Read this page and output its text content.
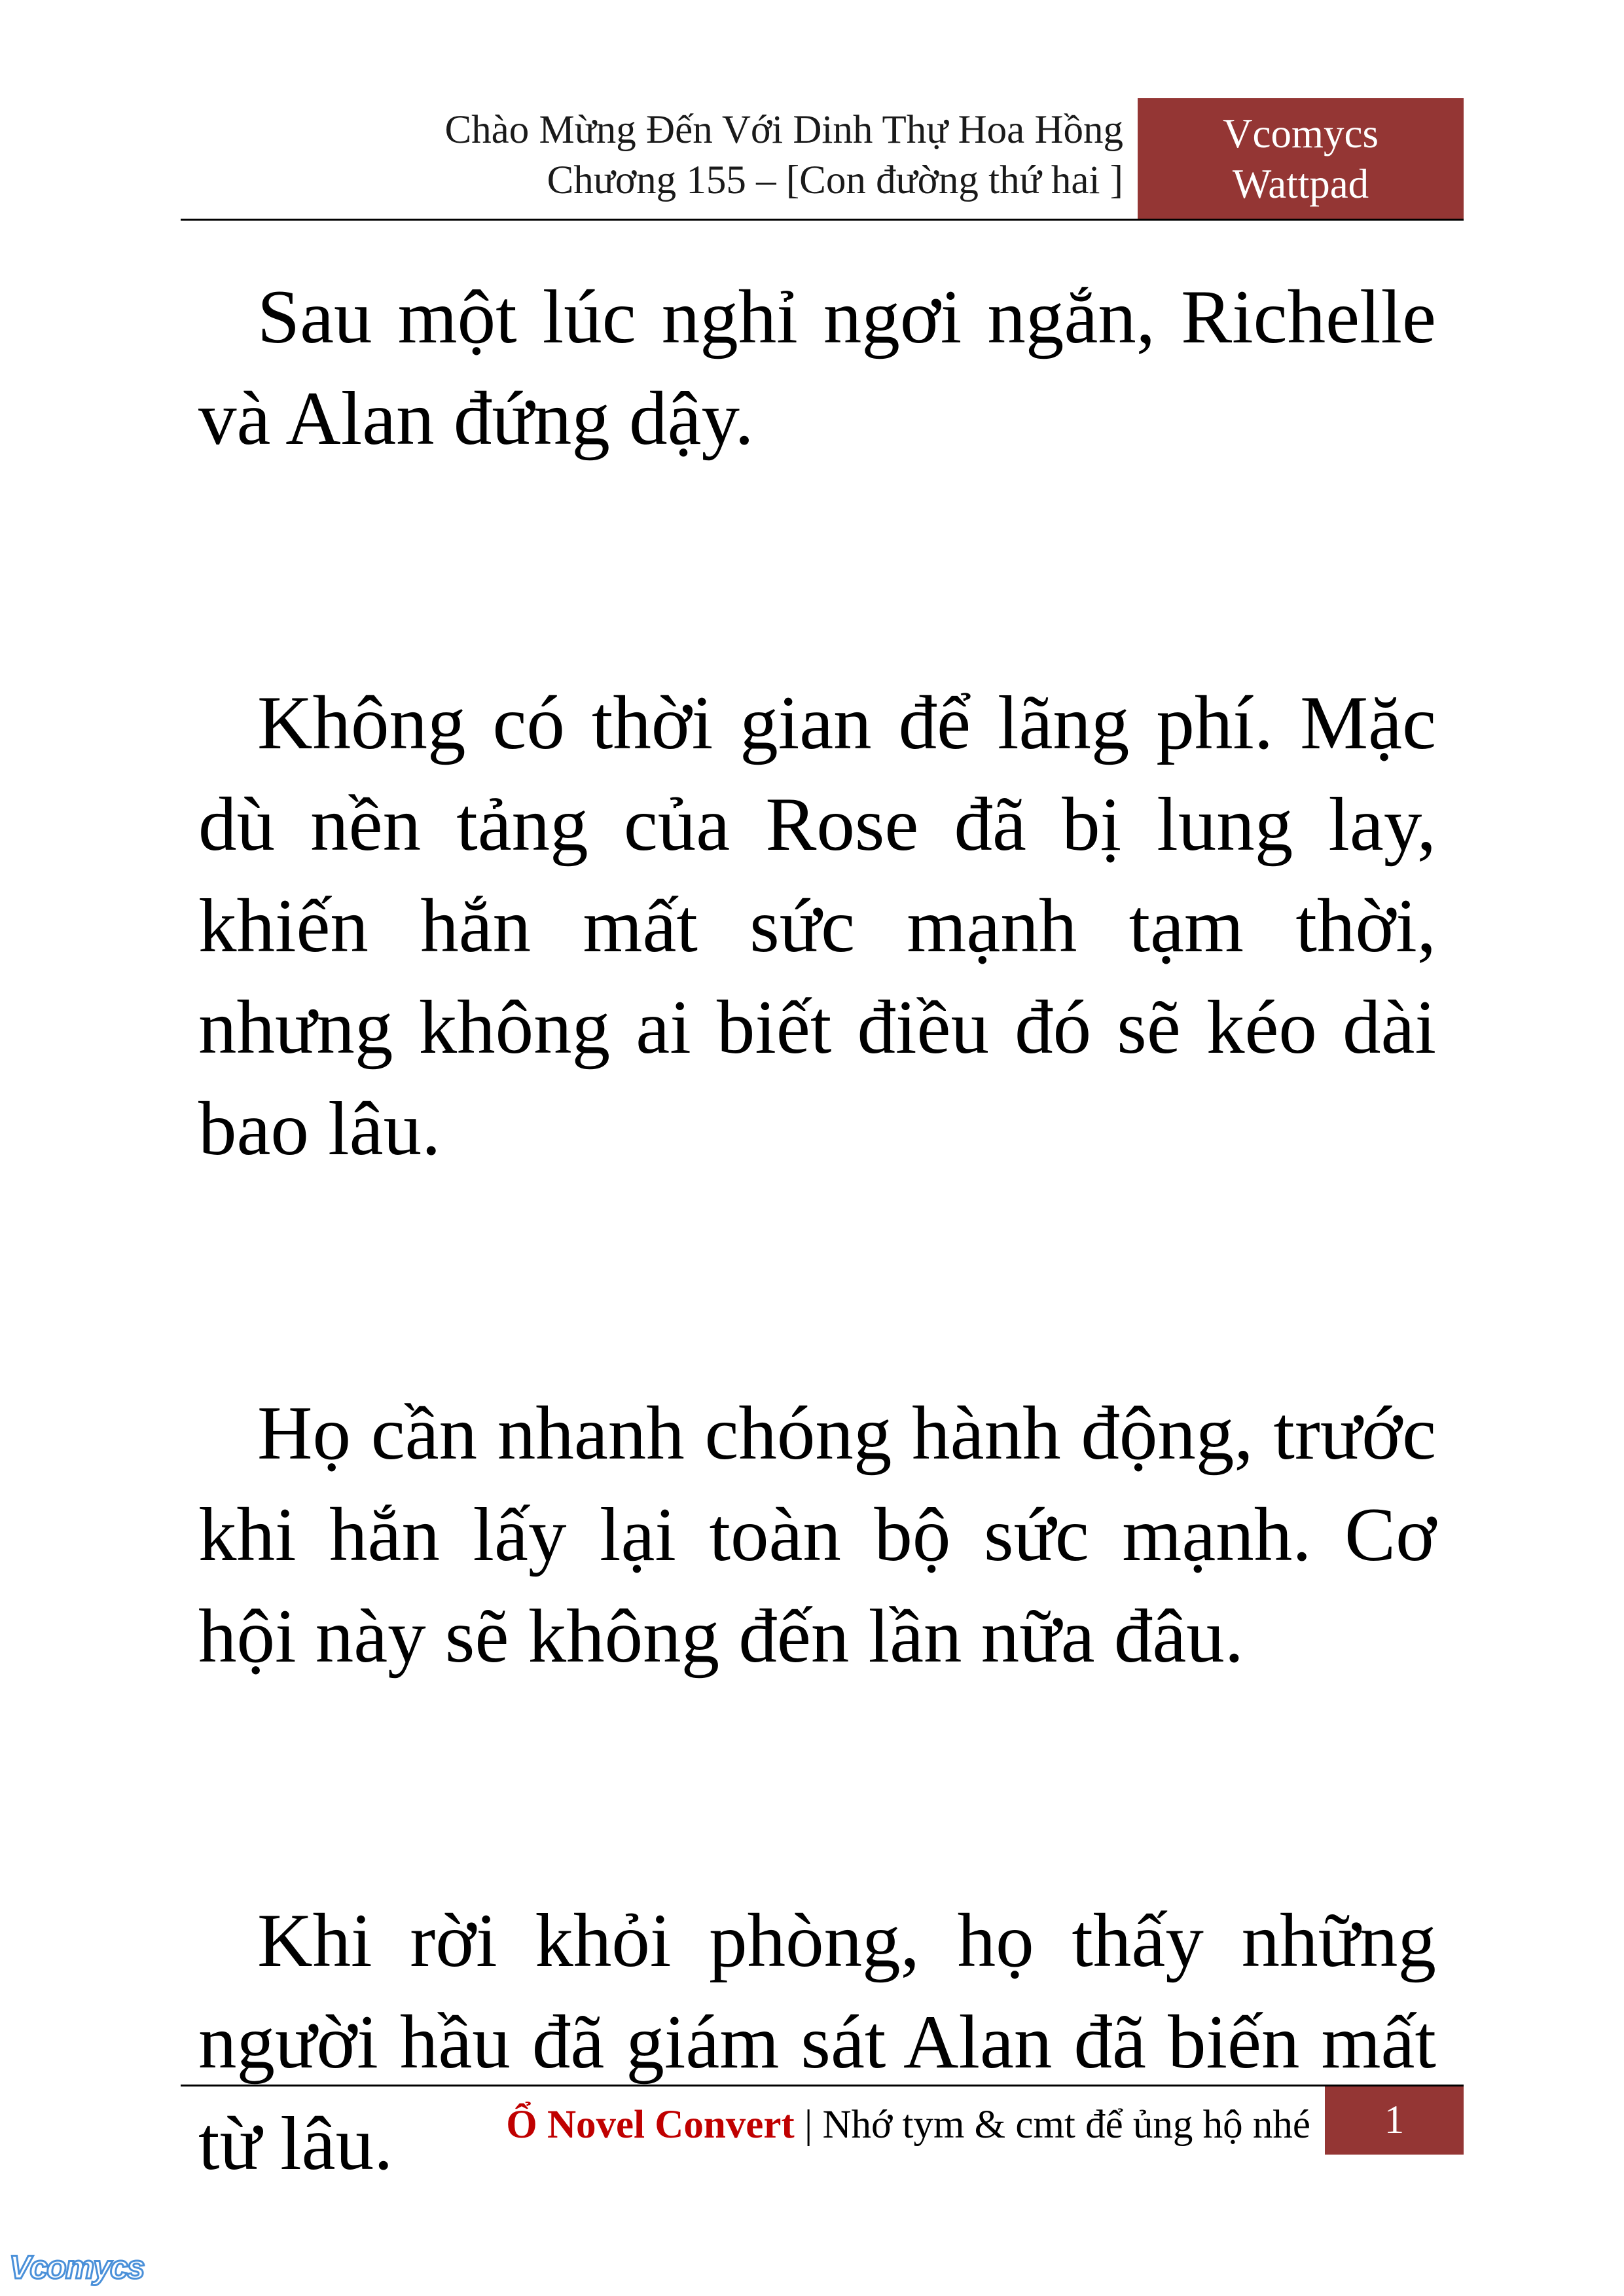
Chào Mừng Đến Với Dinh Thự Hoa Hồng
Chương 155 – [Con đường thứ hai ]
Vcomycs
Wattpad

Sau một lúc nghỉ ngơi ngắn, Richelle và Alan đứng dậy.

Không có thời gian để lãng phí. Mặc dù nền tảng của Rose đã bị lung lay, khiến hắn mất sức mạnh tạm thời, nhưng không ai biết điều đó sẽ kéo dài bao lâu.

Họ cần nhanh chóng hành động, trước khi hắn lấy lại toàn bộ sức mạnh. Cơ hội này sẽ không đến lần nữa đâu.

Khi rời khỏi phòng, họ thấy những người hầu đã giám sát Alan đã biến mất từ lâu.	Ổ Novel Convert | Nhớ tym & cmt để ủng hộ nhé	1
Vcomycs
